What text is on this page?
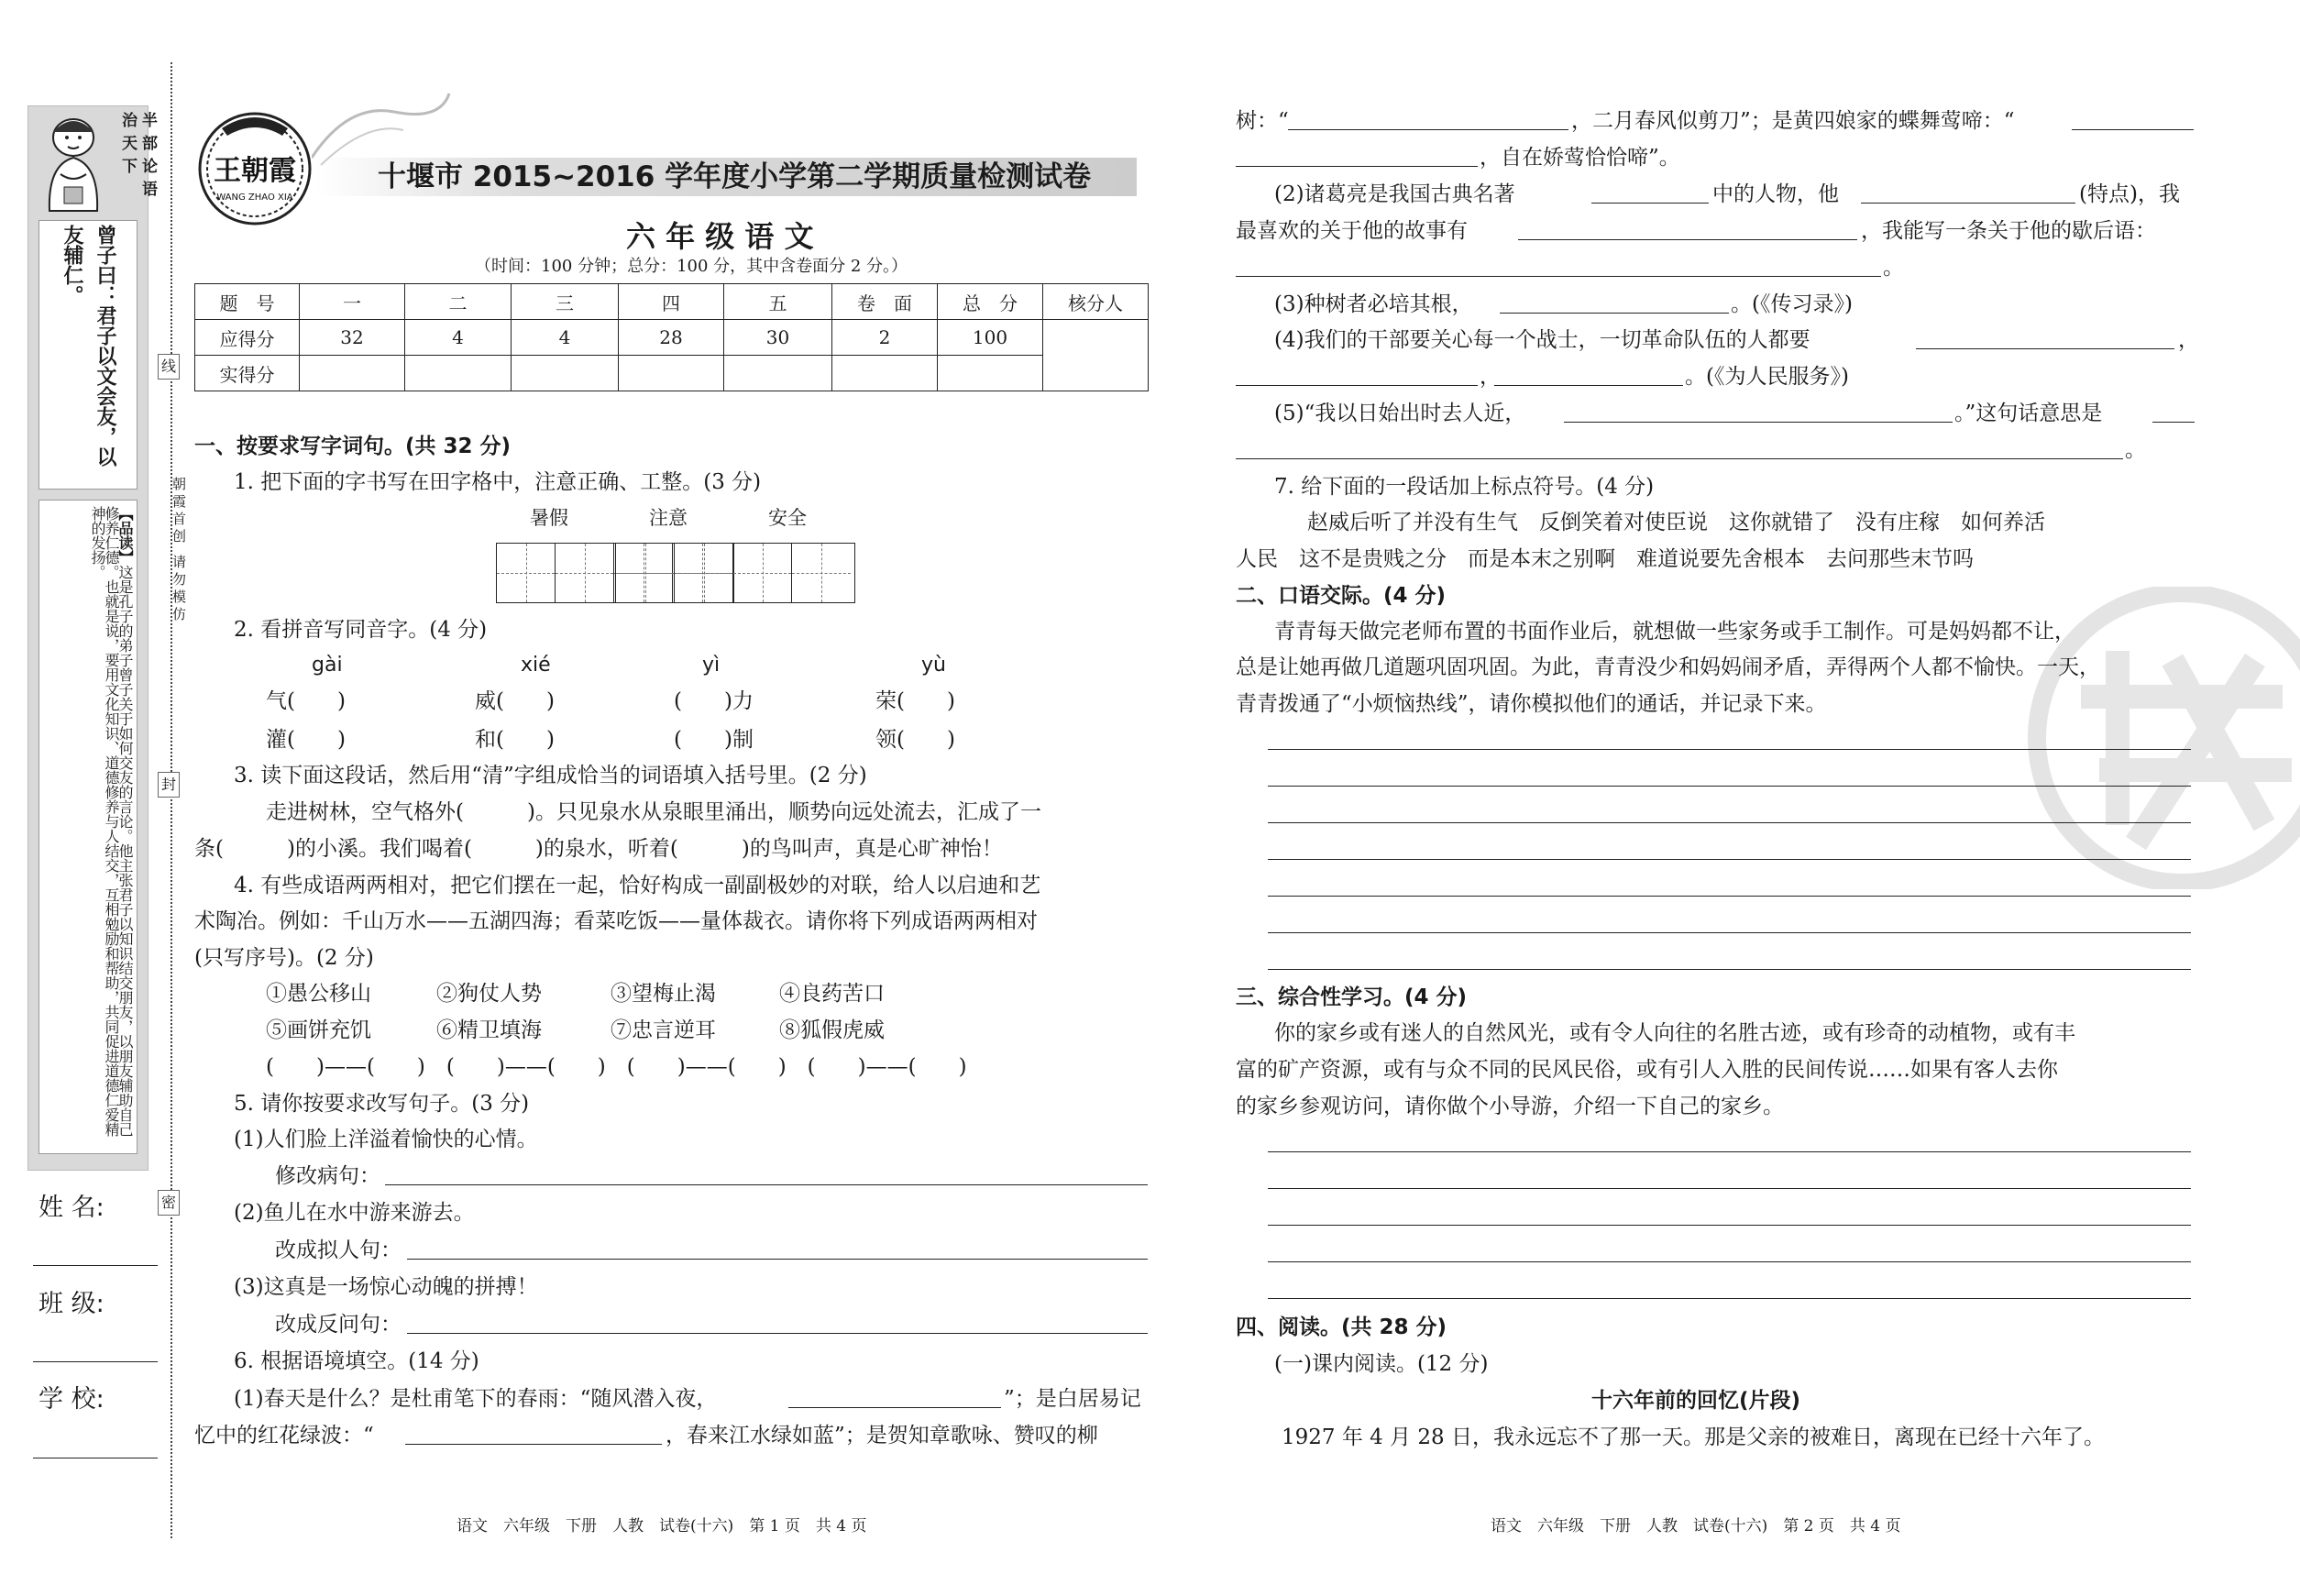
半部论语治天下
曾子曰：君子以文会友，以友辅仁。
【品读】这是孔子的弟子曾子关于如何交友的言论。他主张君子以知识结交朋友，以朋友辅助自己修养仁德。也就是说，要用文化知识、道德修养与人结交，互相勉励和帮助，共同促进道德仁爱精神的发扬。
姓 名:
班 级:
学 校:
线
封
密
朝霞首创 请勿模仿
王朝霞
WANG ZHAO XIA
十堰市 2015~2016 学年度小学第二学期质量检测试卷
六 年 级 语 文
（时间：100 分钟；总分：100 分，其中含卷面分 2 分。）
题　号	一	二	三	四	五	卷　面	总　分	核分人
应得分	32	4	4	28	30	2	100	
实得分								
一、按要求写字词句。(共 32 分)
1. 把下面的字书写在田字格中，注意正确、工整。(3 分)
暑假	注意	安全
2. 看拼音写同音字。(4 分)
gài	xié	yì	yù
气(　　)	威(　　)	(　　)力	荣(　　)
灌(　　)	和(　　)	(　　)制	领(　　)
3. 读下面这段话，然后用“清”字组成恰当的词语填入括号里。(2 分)
走进树林，空气格外(　　　)。只见泉水从泉眼里涌出，顺势向远处流去，汇成了一
条(　　　)的小溪。我们喝着(　　　)的泉水，听着(　　　)的鸟叫声，真是心旷神怡！
4. 有些成语两两相对，把它们摆在一起，恰好构成一副副极妙的对联，给人以启迪和艺
术陶冶。例如：千山万水——五湖四海；看菜吃饭——量体裁衣。请你将下列成语两两相对
(只写序号)。(2 分)
①愚公移山	②狗仗人势	③望梅止渴	④良药苦口
⑤画饼充饥	⑥精卫填海	⑦忠言逆耳	⑧狐假虎威
(　　)——(　　)　(　　)——(　　)　(　　)——(　　)　(　　)——(　　)
5. 请你按要求改写句子。(3 分)
(1)人们脸上洋溢着愉快的心情。
修改病句：
(2)鱼儿在水中游来游去。
改成拟人句：
(3)这真是一场惊心动魄的拼搏！
改成反问句：
6. 根据语境填空。(14 分)
(1)春天是什么？是杜甫笔下的春雨：“随风潜入夜，	”；是白居易记
忆中的红花绿波：“	，春来江水绿如蓝”；是贺知章歌咏、赞叹的柳
语文　六年级　下册　人教　试卷(十六)　第 1 页　共 4 页
树：“	，二月春风似剪刀”；是黄四娘家的蝶舞莺啼：“
，自在娇莺恰恰啼”。
(2)诸葛亮是我国古典名著	中的人物，他	(特点)，我
最喜欢的关于他的故事有	，我能写一条关于他的歇后语：
。
(3)种树者必培其根，	。(《传习录》)
(4)我们的干部要关心每一个战士，一切革命队伍的人都要	，
，	。(《为人民服务》)
(5)“我以日始出时去人近，	。”这句话意思是
。
7. 给下面的一段话加上标点符号。(4 分)
赵威后听了并没有生气　反倒笑着对使臣说　这你就错了　没有庄稼　如何养活
人民　这不是贵贱之分　而是本末之别啊　难道说要先舍根本　去问那些末节吗
二、口语交际。(4 分)
青青每天做完老师布置的书面作业后，就想做一些家务或手工制作。可是妈妈都不让，
总是让她再做几道题巩固巩固。为此，青青没少和妈妈闹矛盾，弄得两个人都不愉快。一天，
青青拨通了“小烦恼热线”，请你模拟他们的通话，并记录下来。
三、综合性学习。(4 分)
你的家乡或有迷人的自然风光，或有令人向往的名胜古迹，或有珍奇的动植物，或有丰
富的矿产资源，或有与众不同的民风民俗，或有引人入胜的民间传说……如果有客人去你
的家乡参观访问，请你做个小导游，介绍一下自己的家乡。
四、阅读。(共 28 分)
(一)课内阅读。(12 分)
十六年前的回忆(片段)
1927 年 4 月 28 日，我永远忘不了那一天。那是父亲的被难日，离现在已经十六年了。
语文　六年级　下册　人教　试卷(十六)　第 2 页　共 4 页
